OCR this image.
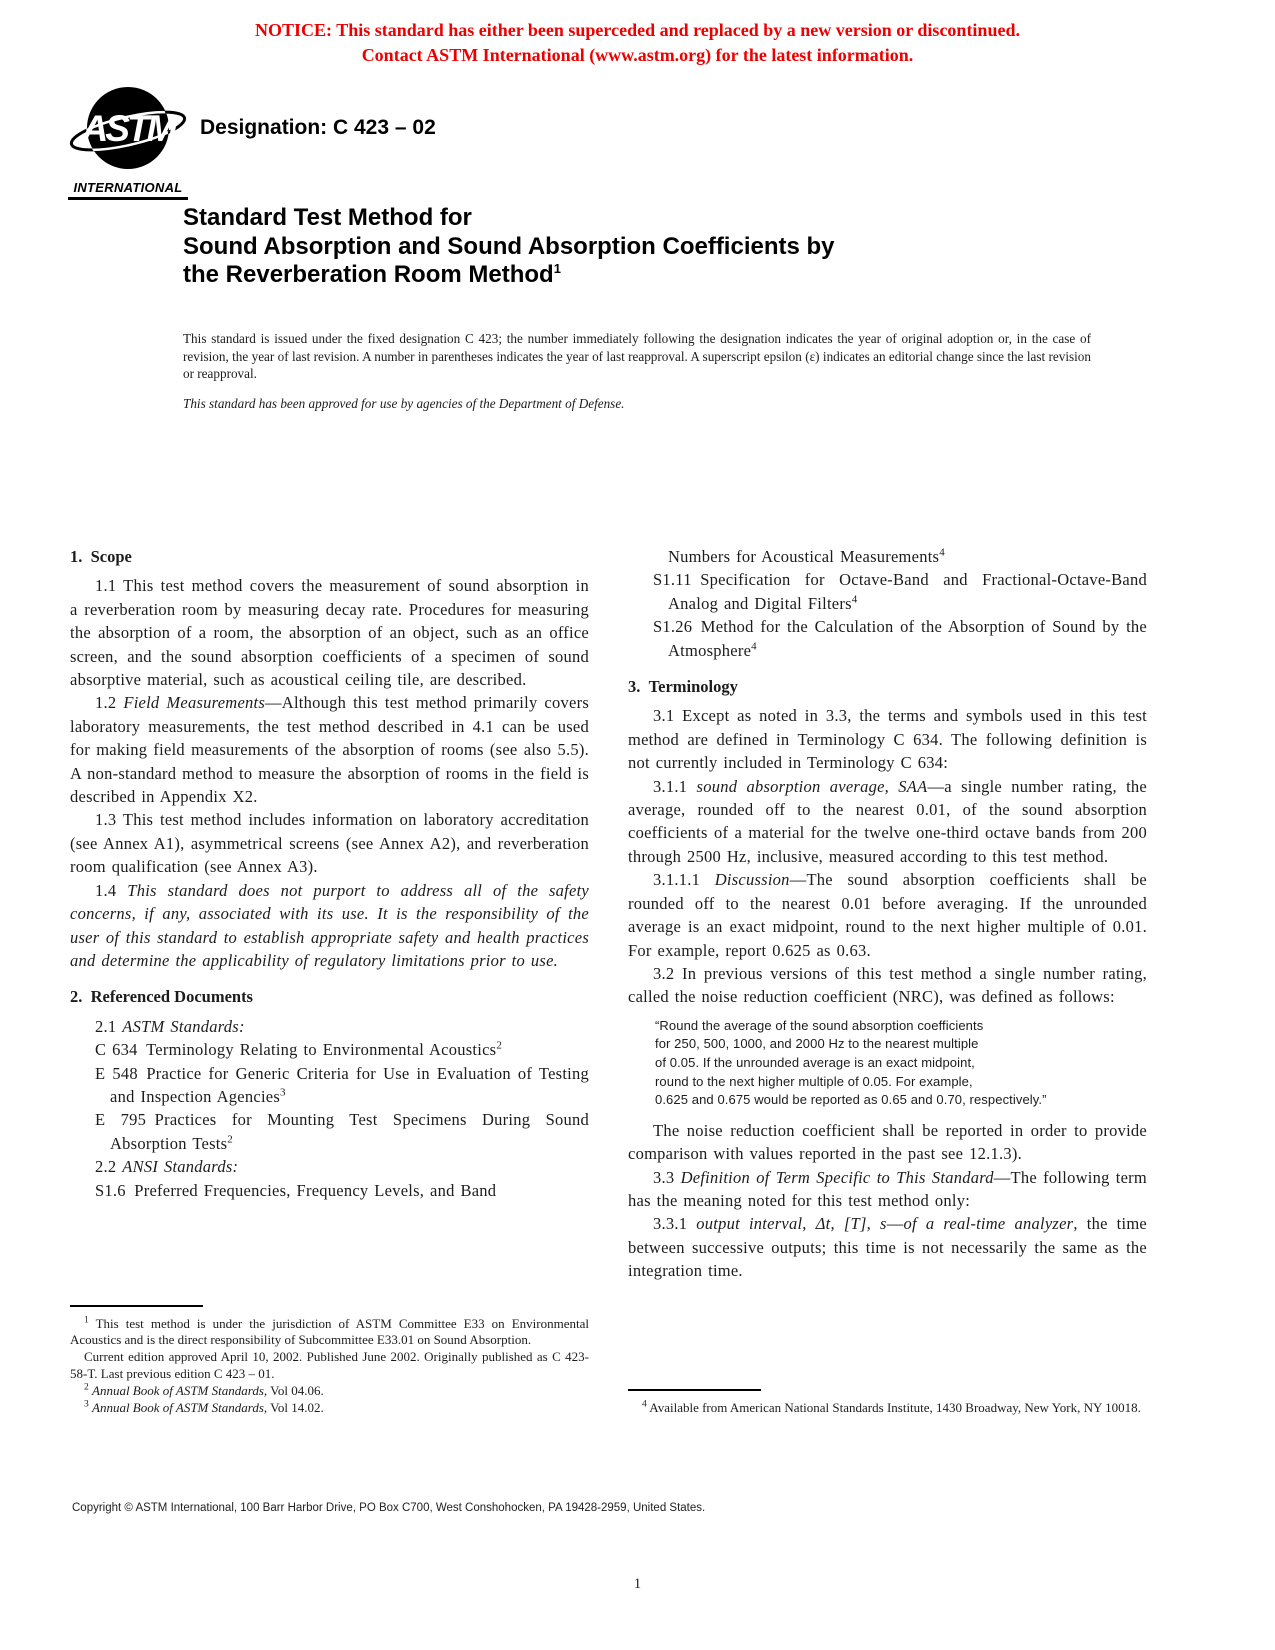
NOTICE: This standard has either been superceded and replaced by a new version or discontinued.
Contact ASTM International (www.astm.org) for the latest information.
ASTM
INTERNATIONAL
Designation: C 423 – 02
Standard Test Method for
Sound Absorption and Sound Absorption Coefficients by
the Reverberation Room Method$^1$
This standard is issued under the fixed designation C 423; the number immediately following the designation indicates the year of original adoption or, in the case of revision, the year of last revision. A number in parentheses indicates the year of last reapproval. A superscript epsilon (ε) indicates an editorial change since the last revision or reapproval.
This standard has been approved for use by agencies of the Department of Defense.
1. Scope

1.1 This test method covers the measurement of sound absorption in a reverberation room by measuring decay rate. Procedures for measuring the absorption of a room, the absorption of an object, such as an office screen, and the sound absorption coefficients of a specimen of sound absorptive material, such as acoustical ceiling tile, are described.

1.2 Field Measurements—Although this test method primarily covers laboratory measurements, the test method described in 4.1 can be used for making field measurements of the absorption of rooms (see also 5.5). A non-standard method to measure the absorption of rooms in the field is described in Appendix X2.

1.3 This test method includes information on laboratory accreditation (see Annex A1), asymmetrical screens (see Annex A2), and reverberation room qualification (see Annex A3).

1.4 This standard does not purport to address all of the safety concerns, if any, associated with its use. It is the responsibility of the user of this standard to establish appropriate safety and health practices and determine the applicability of regulatory limitations prior to use.

2. Referenced Documents

2.1 ASTM Standards:

C 634 Terminology Relating to Environmental Acoustics$^2$

E 548 Practice for Generic Criteria for Use in Evaluation of Testing and Inspection Agencies$^3$

E 795 Practices for Mounting Test Specimens During Sound Absorption Tests$^2$

2.2 ANSI Standards:

S1.6 Preferred Frequencies, Frequency Levels, and Band

$^1$ This test method is under the jurisdiction of ASTM Committee E33 on Environmental Acoustics and is the direct responsibility of Subcommittee E33.01 on Sound Absorption.

Current edition approved April 10, 2002. Published June 2002. Originally published as C 423-58-T. Last previous edition C 423 – 01.

$^2$ Annual Book of ASTM Standards, Vol 04.06.

$^3$ Annual Book of ASTM Standards, Vol 14.02.

Numbers for Acoustical Measurements$^4$

S1.11 Specification for Octave-Band and Fractional-Octave-Band Analog and Digital Filters$^4$

S1.26 Method for the Calculation of the Absorption of Sound by the Atmosphere$^4$

3. Terminology

3.1 Except as noted in 3.3, the terms and symbols used in this test method are defined in Terminology C 634. The following definition is not currently included in Terminology C 634:

3.1.1 sound absorption average, SAA—a single number rating, the average, rounded off to the nearest 0.01, of the sound absorption coefficients of a material for the twelve one-third octave bands from 200 through 2500 Hz, inclusive, measured according to this test method.

3.1.1.1 Discussion—The sound absorption coefficients shall be rounded off to the nearest 0.01 before averaging. If the unrounded average is an exact midpoint, round to the next higher multiple of 0.01. For example, report 0.625 as 0.63.

3.2 In previous versions of this test method a single number rating, called the noise reduction coefficient (NRC), was defined as follows:

“Round the average of the sound absorption coefficients
for 250, 500, 1000, and 2000 Hz to the nearest multiple
of 0.05. If the unrounded average is an exact midpoint,
round to the next higher multiple of 0.05. For example,
0.625 and 0.675 would be reported as 0.65 and 0.70, respectively.”

The noise reduction coefficient shall be reported in order to provide comparison with values reported in the past see 12.1.3).

3.3 Definition of Term Specific to This Standard—The following term has the meaning noted for this test method only:

3.3.1 output interval, Δt, [T], s—of a real-time analyzer, the time between successive outputs; this time is not necessarily the same as the integration time.

$^4$ Available from American National Standards Institute, 1430 Broadway, New York, NY 10018.

Copyright © ASTM International, 100 Barr Harbor Drive, PO Box C700, West Conshohocken, PA 19428-2959, United States.
1
